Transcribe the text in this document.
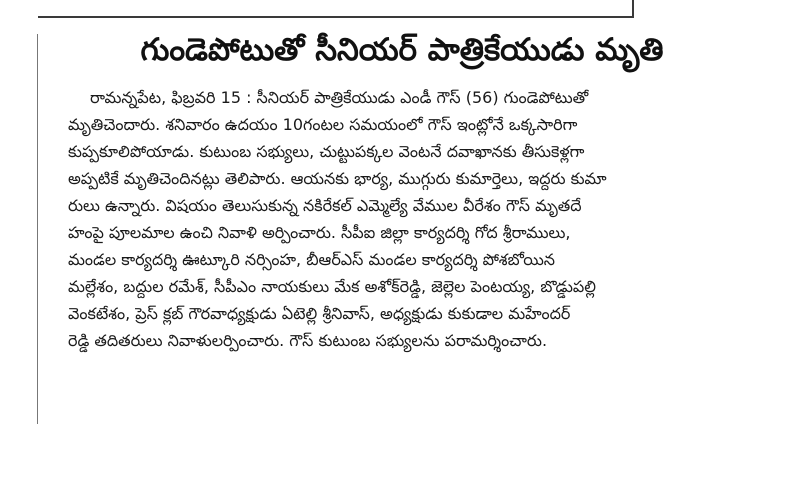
గుండెపోటుతో సీనియర్ పాత్రికేయుడు మృతి
రామన్నపేట, ఫిబ్రవరి 15 : సీనియర్ పాత్రికేయుడు ఎండీ గౌస్ (56) గుండెపోటుతో
మృతిచెందారు. శనివారం ఉదయం 10గంటల సమయంలో గౌస్ ఇంట్లోనే ఒక్కసారిగా
కుప్పకూలిపోయాడు. కుటుంబ సభ్యులు, చుట్టుపక్కల వెంటనే దవాఖానకు తీసుకెళ్లగా
అప్పటికే మృతిచెందినట్లు తెలిపారు. ఆయనకు భార్య, ముగ్గురు కుమార్తెలు, ఇద్దరు కుమా
రులు ఉన్నారు. విషయం తెలుసుకున్న నకిరేకల్ ఎమ్మెల్యే వేముల వీరేశం గౌస్ మృతదే
హంపై పూలమాల ఉంచి నివాళి అర్పించారు. సీపీఐ జిల్లా కార్యదర్శి గోద శ్రీరాములు,
మండల కార్యదర్శి ఊట్కూరి నర్సింహ, బీఆర్ఎస్ మండల కార్యదర్శి పోశబోయిన
మల్లేశం, బద్దుల రమేశ్, సీపీఎం నాయకులు మేక అశోక్‌రెడ్డి, జెల్లెల పెంటయ్య, బొడ్డుపల్లి
వెంకటేశం, ప్రెస్ క్లబ్ గౌరవాధ్యక్షుడు ఏటెల్లి శ్రీనివాస్, అధ్యక్షుడు కుకుడాల మహేందర్
రెడ్డి తదితరులు నివాళులర్పించారు. గౌస్ కుటుంబ సభ్యులను పరామర్శించారు.
